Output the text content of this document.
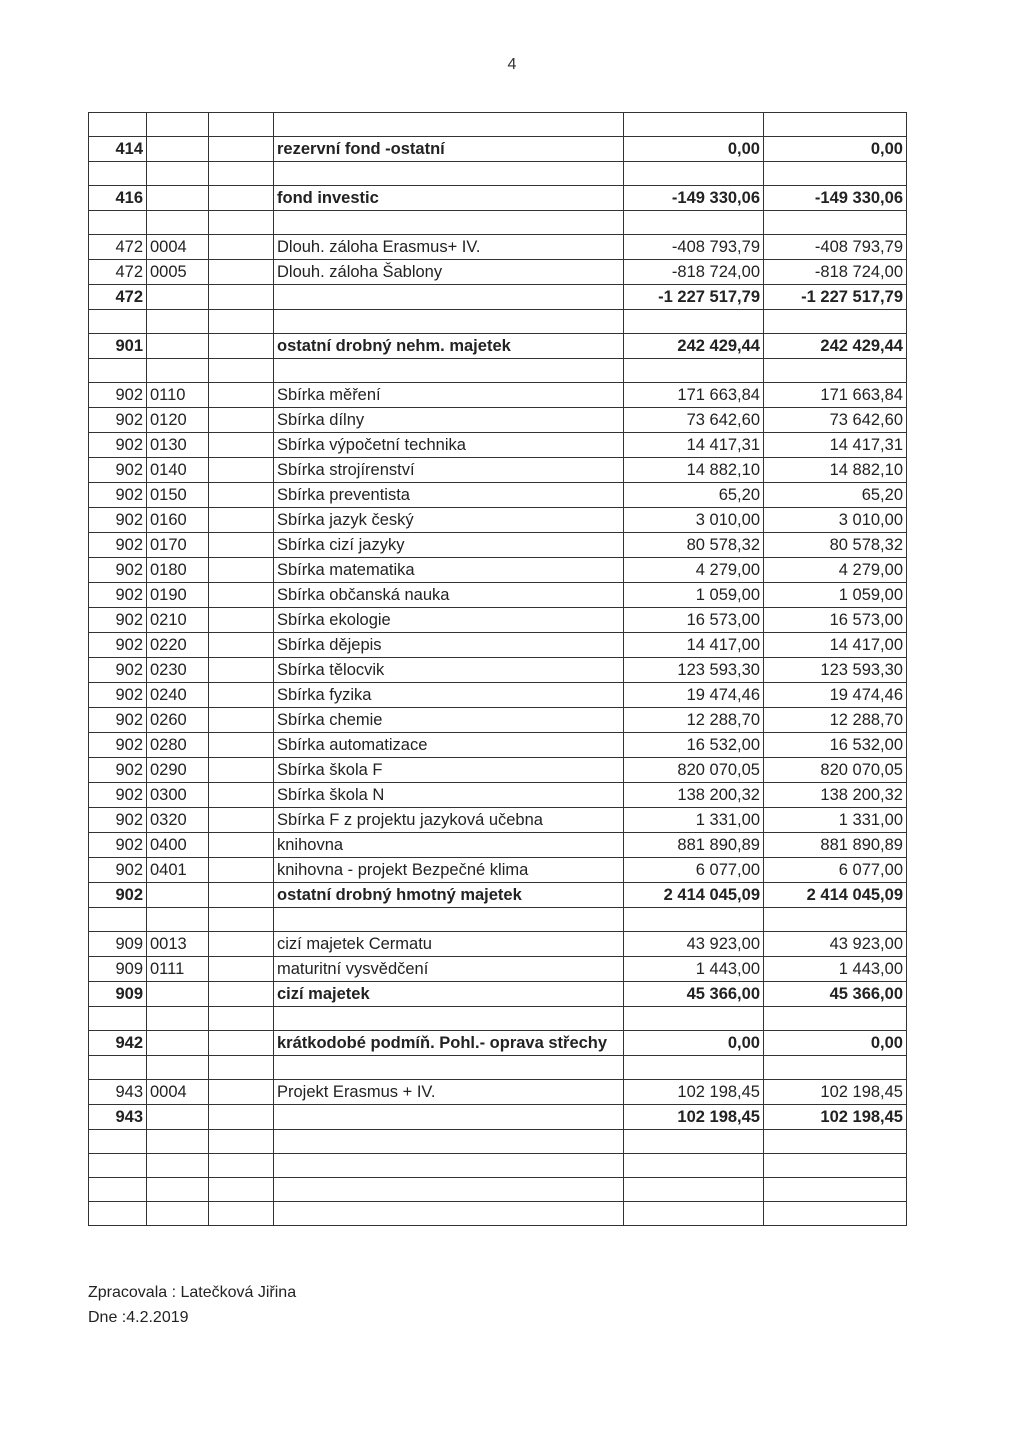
4

414			rezervní fond -ostatní	0,00	0,00

416			fond investic	-149 330,06	-149 330,06

472	0004		Dlouh. záloha Erasmus+ IV.	-408 793,79	-408 793,79
472	0005		Dlouh. záloha Šablony	-818 724,00	-818 724,00
472				-1 227 517,79	-1 227 517,79

901			ostatní drobný nehm. majetek	242 429,44	242 429,44

902	0110		Sbírka měření	171 663,84	171 663,84
902	0120		Sbírka dílny	73 642,60	73 642,60
902	0130		Sbírka výpočetní technika	14 417,31	14 417,31
902	0140		Sbírka strojírenství	14 882,10	14 882,10
902	0150		Sbírka preventista	65,20	65,20
902	0160		Sbírka jazyk český	3 010,00	3 010,00
902	0170		Sbírka cizí jazyky	80 578,32	80 578,32
902	0180		Sbírka matematika	4 279,00	4 279,00
902	0190		Sbírka občanská nauka	1 059,00	1 059,00
902	0210		Sbírka ekologie	16 573,00	16 573,00
902	0220		Sbírka dějepis	14 417,00	14 417,00
902	0230		Sbírka tělocvik	123 593,30	123 593,30
902	0240		Sbírka fyzika	19 474,46	19 474,46
902	0260		Sbírka chemie	12 288,70	12 288,70
902	0280		Sbírka automatizace	16 532,00	16 532,00
902	0290		Sbírka škola F	820 070,05	820 070,05
902	0300		Sbírka škola N	138 200,32	138 200,32
902	0320		Sbírka F z projektu jazyková učebna	1 331,00	1 331,00
902	0400		knihovna	881 890,89	881 890,89
902	0401		knihovna - projekt Bezpečné klima	6 077,00	6 077,00
902			ostatní drobný hmotný majetek	2 414 045,09	2 414 045,09

909	0013		cizí majetek Cermatu	43 923,00	43 923,00
909	0111		maturitní vysvědčení	1 443,00	1 443,00
909			cizí majetek	45 366,00	45 366,00

942			krátkodobé podmíň. Pohl.- oprava střechy	0,00	0,00

943	0004		Projekt Erasmus + IV.	102 198,45	102 198,45
943				102 198,45	102 198,45

Zpracovala : Latečková Jiřina
Dne :4.2.2019
